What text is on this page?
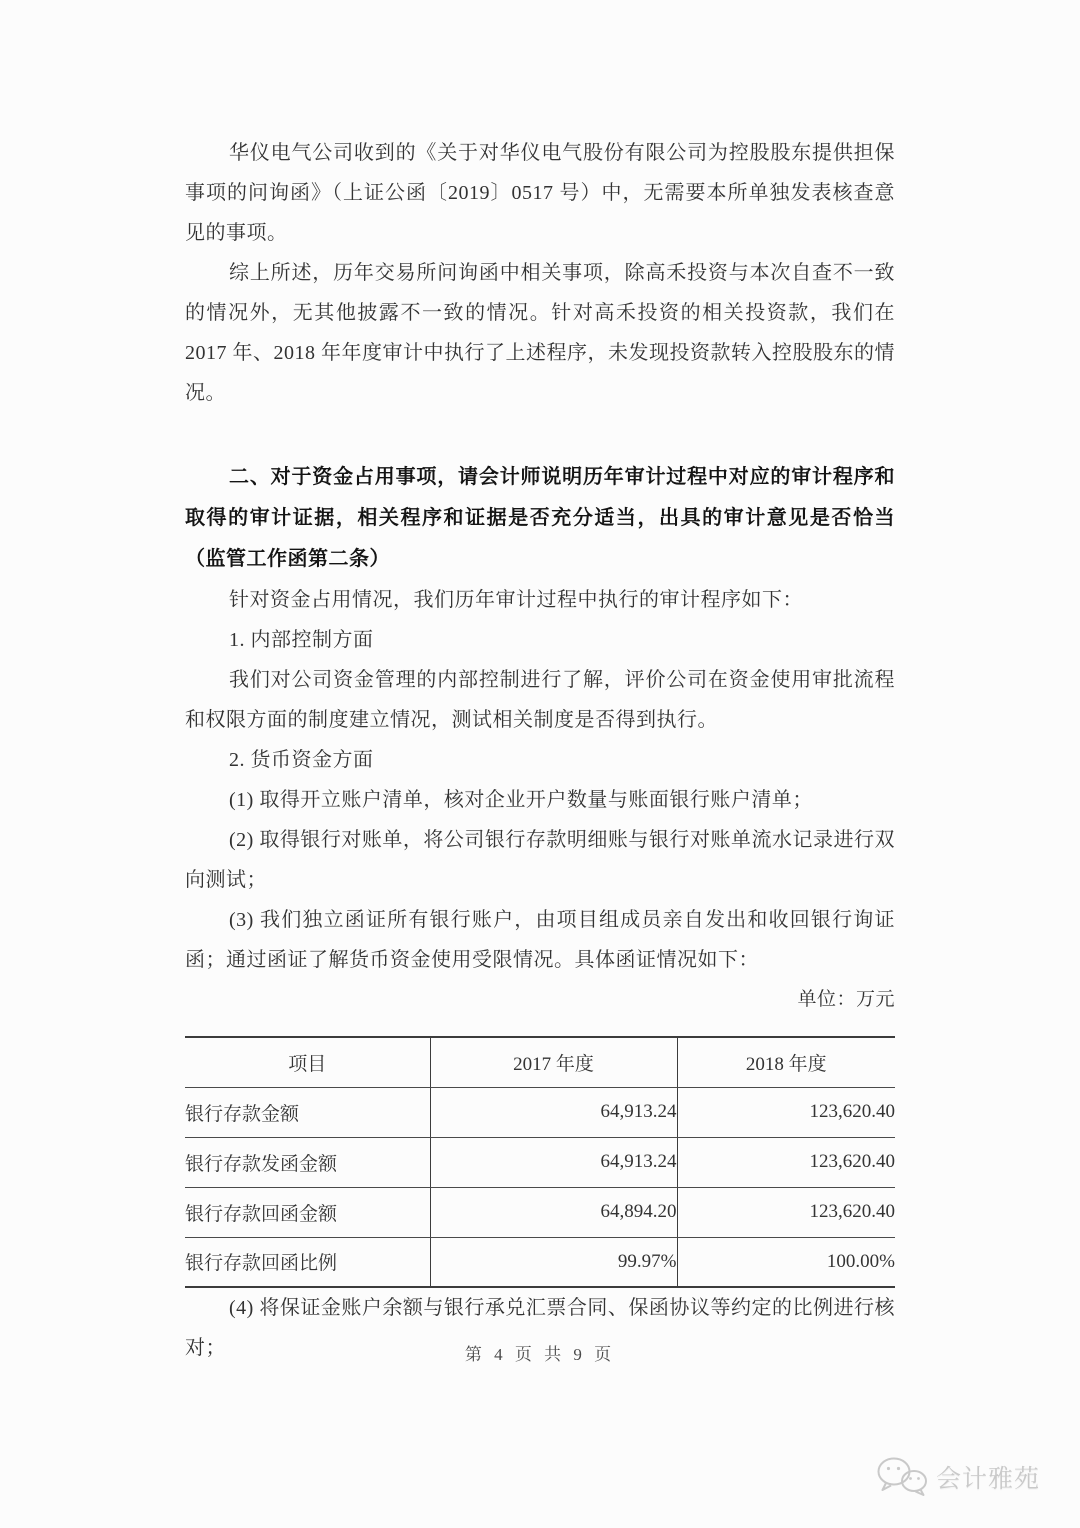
华仪电气公司收到的《关于对华仪电气股份有限公司为控股股东提供担保事项的问询函》（上证公函〔2019〕0517 号）中，无需要本所单独发表核查意见的事项。

综上所述，历年交易所问询函中相关事项，除高禾投资与本次自查不一致的情况外，无其他披露不一致的情况。针对高禾投资的相关投资款，我们在 2017 年、2018 年年度审计中执行了上述程序，未发现投资款转入控股股东的情况。

二、对于资金占用事项，请会计师说明历年审计过程中对应的审计程序和取得的审计证据，相关程序和证据是否充分适当，出具的审计意见是否恰当（监管工作函第二条）

针对资金占用情况，我们历年审计过程中执行的审计程序如下：

1. 内部控制方面

我们对公司资金管理的内部控制进行了解，评价公司在资金使用审批流程和权限方面的制度建立情况，测试相关制度是否得到执行。

2. 货币资金方面

(1) 取得开立账户清单，核对企业开户数量与账面银行账户清单；

(2) 取得银行对账单，将公司银行存款明细账与银行对账单流水记录进行双向测试；

(3) 我们独立函证所有银行账户，由项目组成员亲自发出和收回银行询证函；通过函证了解货币资金使用受限情况。具体函证情况如下：

单位：万元

项目	2017 年度	2018 年度
银行存款金额	64,913.24	123,620.40
银行存款发函金额	64,913.24	123,620.40
银行存款回函金额	64,894.20	123,620.40
银行存款回函比例	99.97%	100.00%

(4) 将保证金账户余额与银行承兑汇票合同、保函协议等约定的比例进行核对；	第 4 页 共 9 页
会计雅苑
